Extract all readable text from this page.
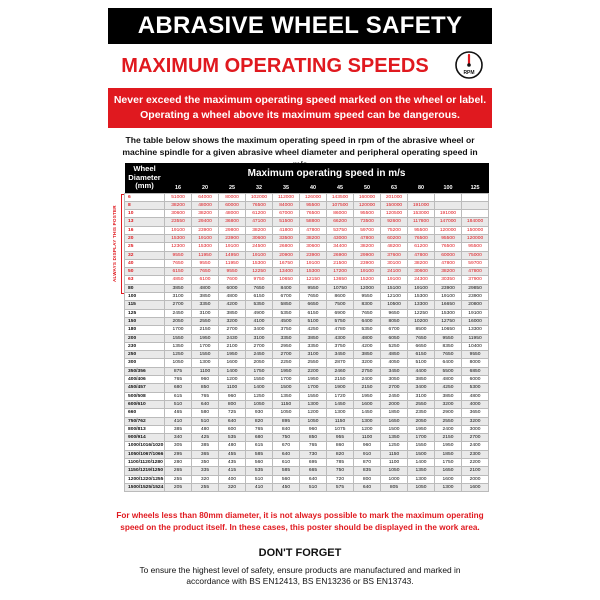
ABRASIVE WHEEL SAFETY
MAXIMUM OPERATING SPEEDS	RPM
Never exceed the maximum operating speed marked on the wheel or label.
Operating a wheel above its maximum speed can be dangerous.
The table below shows the maximum operating speed in rpm of the abrasive wheel or
machine spindle for a given abrasive wheel diameter and peripheral operating speed in
ALWAYS DISPLAY THIS POSTER
Wheel Diameter (mm)	Maximum operating speed in m/s											
	16	20	25	32	35	40	45	50	63	80	100	125
6	51000	64000	80000	102000	112000	126000	143500	160000	201000			
8	38200	48000	60000	76500	84000	95500	107500	120000	150000	191000		
10	30600	38200	48000	61200	67000	76500	86000	95500	120500	153000	191000	
13	23550	29400	36800	47100	51500	58800	66200	73500	92600	117800	147000	184000
16	19100	23900	29800	38200	41800	47800	53750	59700	75200	95500	120000	150000
20	15300	19100	23900	30600	33500	38200	43000	47800	60200	76500	95500	120000
25	12300	15300	19100	24500	26800	30600	34400	38200	48200	61200	76500	95500
32	9550	11950	14950	19100	20900	23900	26900	29900	37600	47800	60000	75000
40	7650	9550	11950	15300	16750	19100	21500	23900	30100	38200	47800	59700
50	6150	7650	9550	12250	13400	15300	17200	19100	24100	30600	38200	47800
63	4850	6100	7600	9750	10650	12150	13650	15200	19100	24300	30350	37900
80	3850	4800	6000	7650	8400	9550	10750	12000	15100	19100	23900	29850
100	3100	3850	4800	6150	6700	7650	8600	9550	12100	15300	19100	23900
115	2700	3350	4200	5350	5850	6650	7500	8300	10500	13300	16650	20800
125	2450	3100	3850	4900	5350	6150	6900	7650	9650	12250	15300	19100
150	2050	2550	3200	4100	4500	5100	5750	6400	8050	10200	12750	16000
180	1700	2150	2700	3400	3750	4250	4780	5350	6700	8500	10650	13300
200	1550	1950	2430	3100	3350	3850	4300	4800	6050	7650	9550	11950
230	1350	1700	2100	2700	2950	3350	3750	4200	5250	6650	8350	10400
250	1250	1550	1950	2450	2700	3100	3450	3850	4850	6150	7650	9550
300	1050	1300	1600	2050	2250	2550	2870	3200	4050	5100	6400	8000
350/356	875	1100	1400	1750	1950	2200	2460	2750	3450	4400	5500	6850
400/406	765	960	1200	1550	1700	1950	2150	2400	3050	3850	4800	6000
450/457	680	850	1100	1400	1500	1700	1900	2150	2700	3400	4250	5300
500/508	615	765	960	1250	1350	1550	1720	1950	2450	3100	3850	4800
600/610	510	640	800	1050	1150	1300	1450	1600	2000	2550	3200	4000
660	465	580	725	930	1050	1200	1300	1450	1850	2350	2900	3650
750/762	410	510	640	820	895	1050	1150	1300	1650	2050	2550	3200
800/813	385	480	600	765	840	960	1075	1200	1500	1950	2400	3000
900/914	340	425	535	680	750	850	955	1100	1350	1700	2150	2700
1000/1016/1020	305	385	480	615	670	765	860	960	1250	1550	1950	2400
1050/1067/1066	295	365	455	585	640	730	820	910	1150	1500	1850	2300
1100/1120/1280	280	350	435	560	610	695	785	870	1100	1400	1750	2200
1150/1219/1250	265	335	415	535	585	665	750	835	1050	1350	1650	2100
1200/1220/1255	255	320	400	510	560	640	720	800	1000	1300	1600	2000
1500/1525/1524	205	255	320	410	450	510	575	640	805	1050	1300	1600
For wheels less than 80mm diameter, it is not always possible to mark the maximum operating
speed on the product itself. In these cases, this poster should be displayed in the work area.
DON'T FORGET
To ensure the highest level of safety, ensure products are manufactured and marked in
accordance with BS EN12413, BS EN13236 or BS EN13743.
